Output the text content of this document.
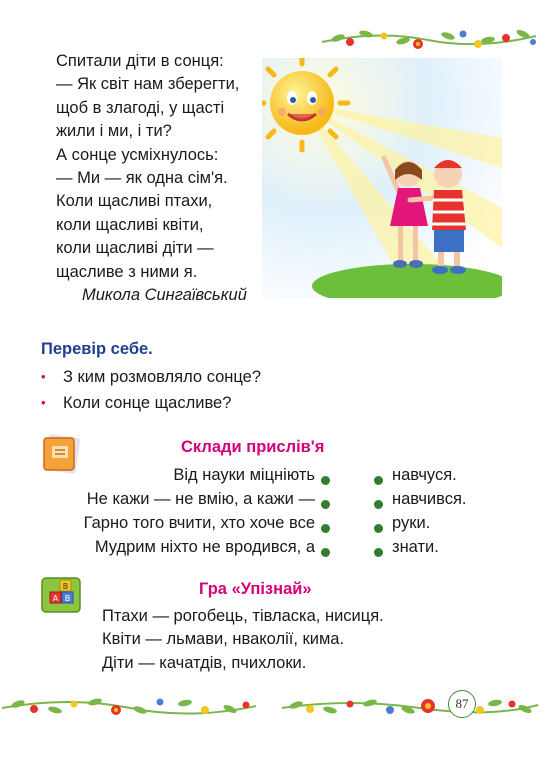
Спитали діти в сонця:
— Як світ нам зберегти,
щоб в злагоді, у щасті
жили і ми, і ти?
А сонце усміхнулось:
— Ми — як одна сім'я.
Коли щасливі птахи,
коли щасливі квіти,
коли щасливі діти —
щасливе з ними я.
Микола Сингаївський
Перевір себе.
• З ким розмовляло сонце?
• Коли сонце щасливе?
Склади прислів'я
Від науки міцніють
Не кажи — не вмію, а кажи —
Гарно того вчити, хто хоче все
Мудрим ніхто не вродився, а
навчуся.
навчився.
руки.
знати.
B
A B
Гра «Упізнай»
Птахи — рогобець, тівласка, нисиця.
Квіти — льмави, нваколії, кима.
Діти — качатдів, пчихлоки.
87
